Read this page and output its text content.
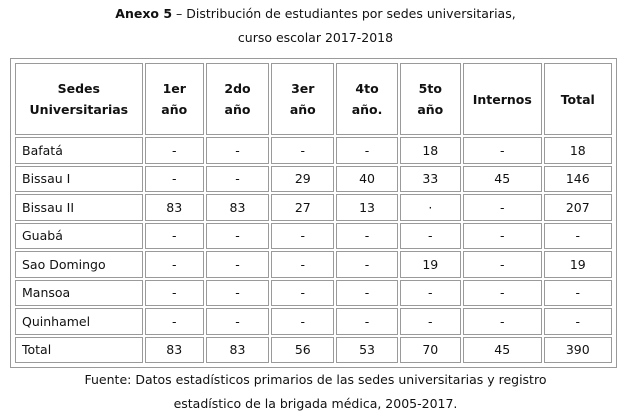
Anexo 5 – Distribución de estudiantes por sedes universitarias,
curso escolar 2017-2018
Sedes Universitarias	1er año	2do año	3er año	4to año.	5to año	Internos	Total
Bafatá	-	-	-	-	18	-	18
Bissau I	-	-	29	40	33	45	146
Bissau II	83	83	27	13	·	-	207
Guabá	-	-	-	-	-	-	-
Sao Domingo	-	-	-	-	19	-	19
Mansoa	-	-	-	-	-	-	-
Quinhamel	-	-	-	-	-	-	-
Total	83	83	56	53	70	45	390
Fuente: Datos estadísticos primarios de las sedes universitarias y registro
estadístico de la brigada médica, 2005-2017.
